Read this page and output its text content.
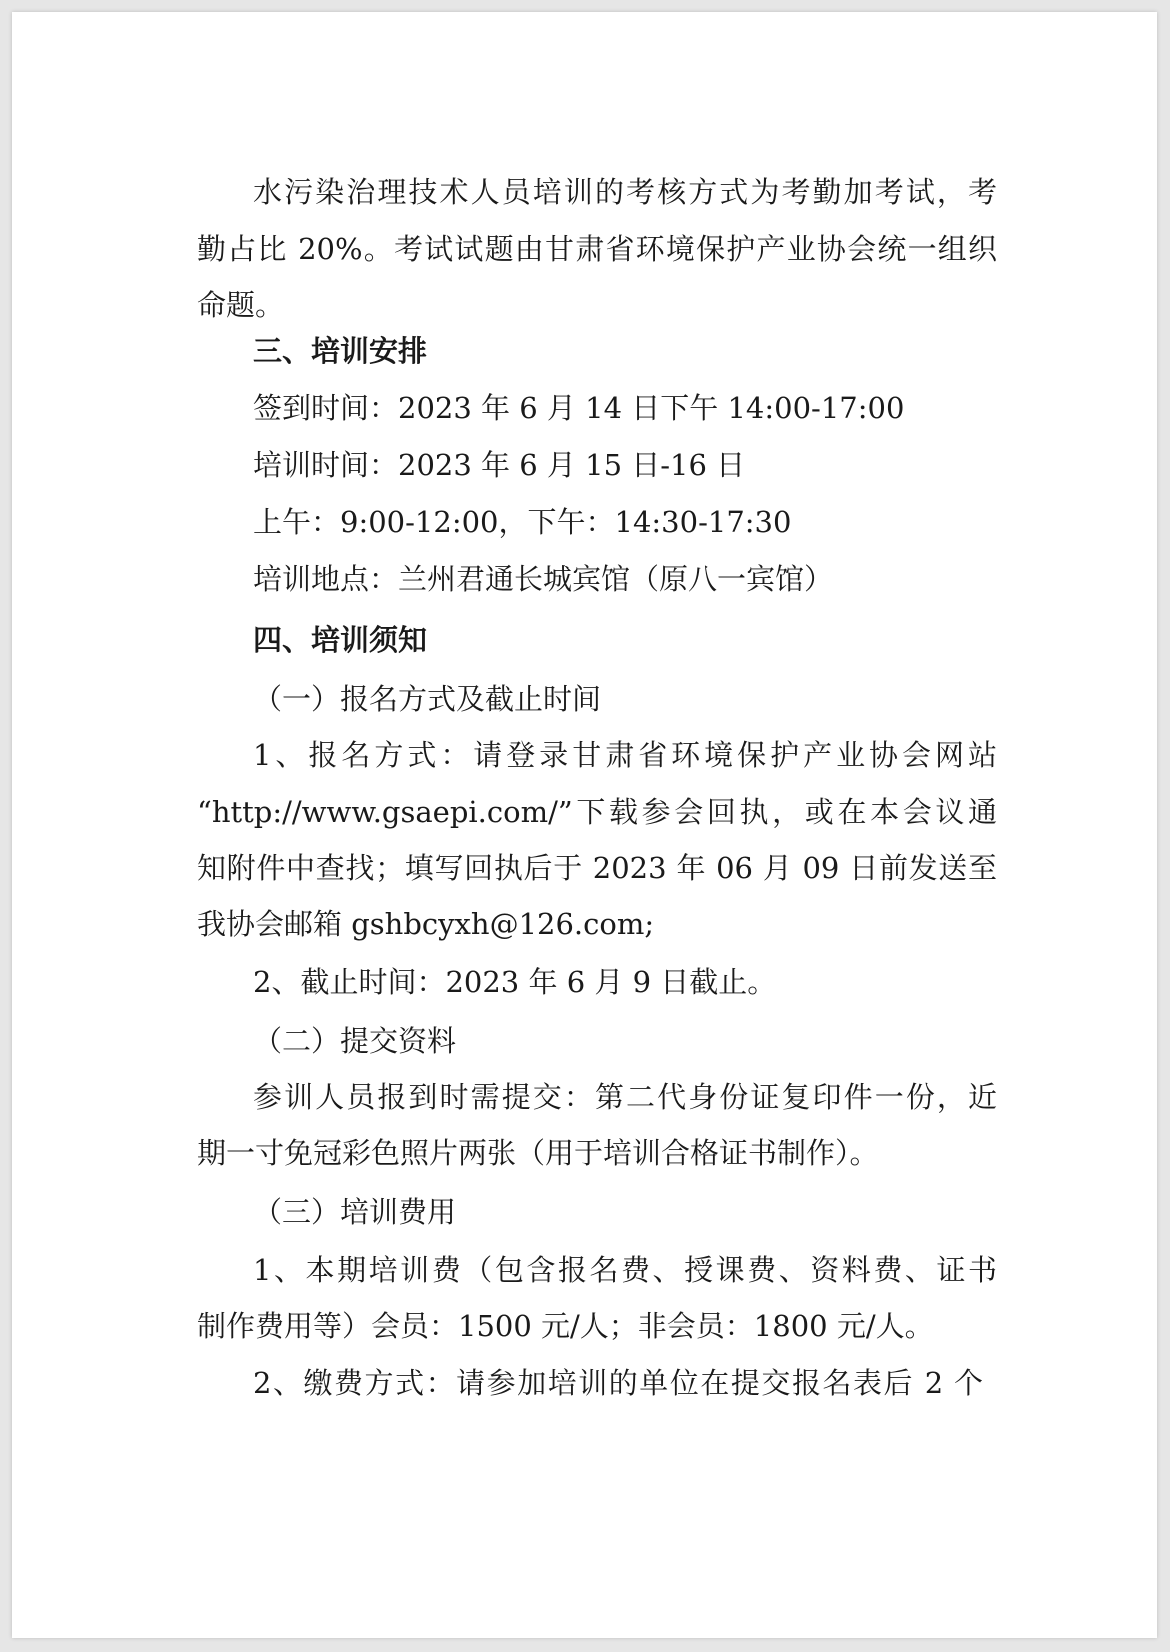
水污染治理技术人员培训的考核方式为考勤加考试，考
勤占比 20%。考试试题由甘肃省环境保护产业协会统一组织
命题。
三、培训安排
签到时间：2023 年 6 月 14 日下午 14:00-17:00
培训时间：2023 年 6 月 15 日-16 日
上午：9:00-12:00，下午：14:30-17:30
培训地点：兰州君通长城宾馆（原八一宾馆）
四、培训须知
（一）报名方式及截止时间
1、报名方式：请登录甘肃省环境保护产业协会网站
“http://www.gsaepi.com/”下载参会回执，或在本会议通
知附件中查找；填写回执后于 2023 年 06 月 09 日前发送至
我协会邮箱 gshbcyxh@126.com;
2、截止时间：2023 年 6 月 9 日截止。
（二）提交资料
参训人员报到时需提交：第二代身份证复印件一份，近
期一寸免冠彩色照片两张（用于培训合格证书制作）。
（三）培训费用
1、本期培训费（包含报名费、授课费、资料费、证书
制作费用等）会员：1500 元/人；非会员：1800 元/人。
2、缴费方式：请参加培训的单位在提交报名表后 2 个
